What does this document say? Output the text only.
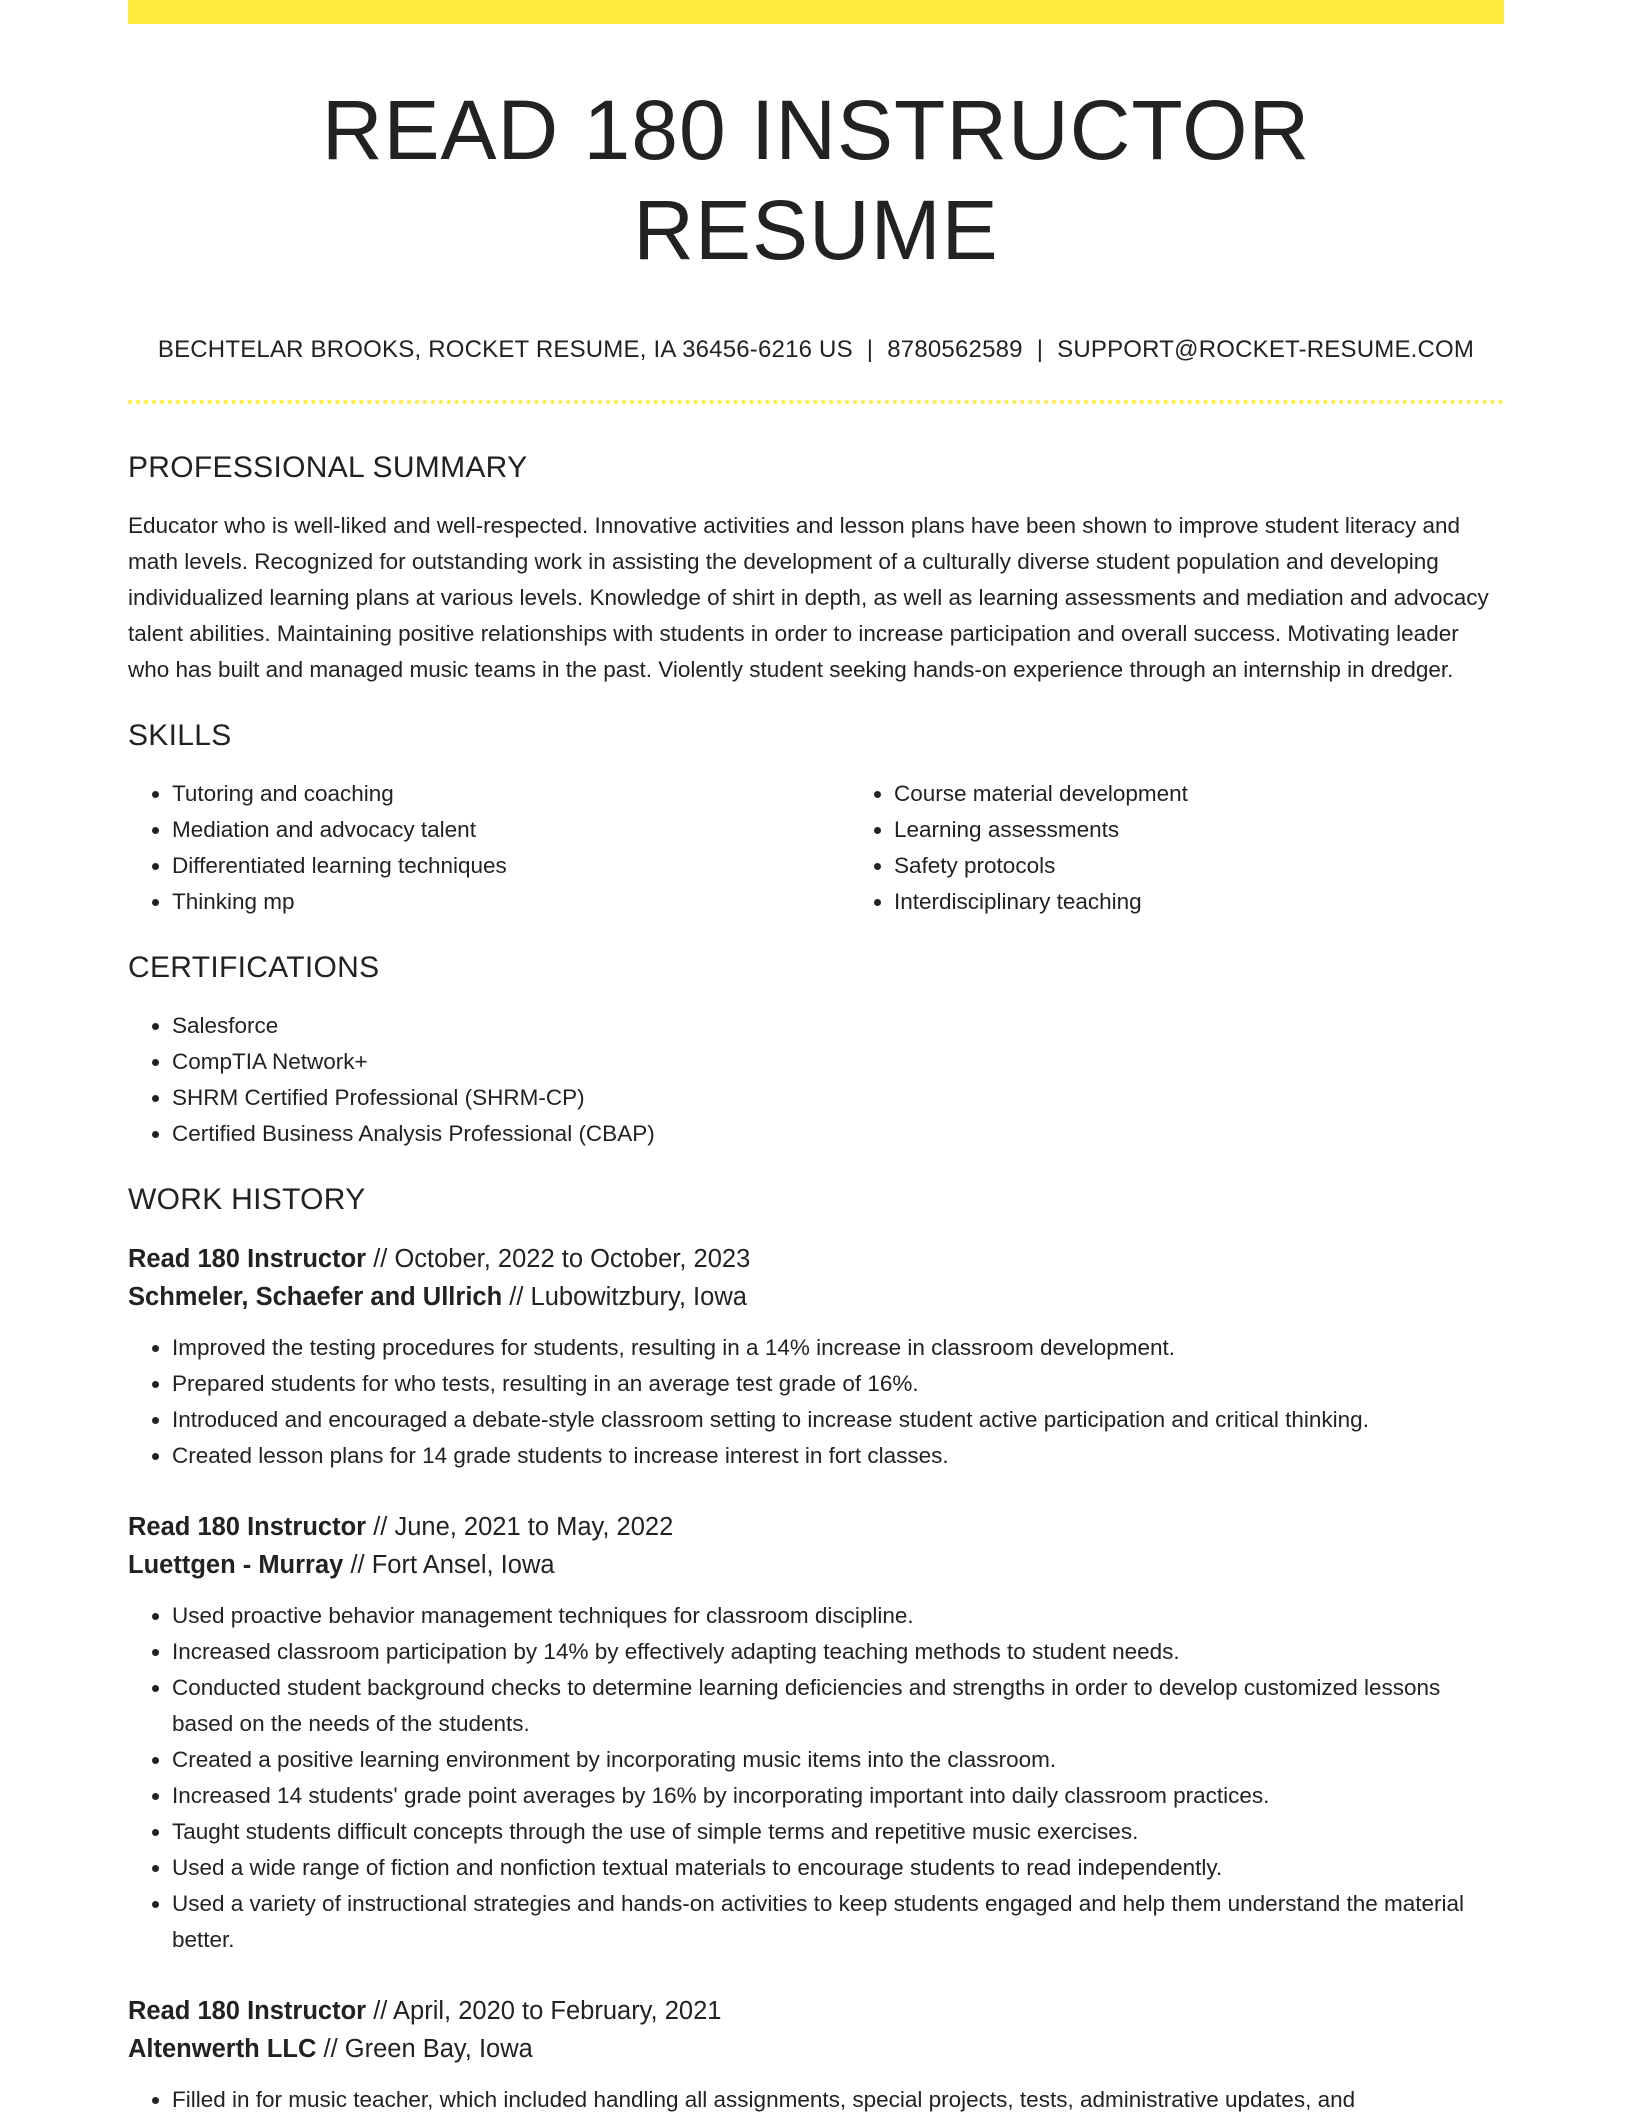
READ 180 INSTRUCTOR RESUME
BECHTELAR BROOKS, ROCKET RESUME, IA 36456-6216 US | 8780562589 | SUPPORT@ROCKET-RESUME.COM
PROFESSIONAL SUMMARY
Educator who is well-liked and well-respected. Innovative activities and lesson plans have been shown to improve student literacy and math levels. Recognized for outstanding work in assisting the development of a culturally diverse student population and developing individualized learning plans at various levels. Knowledge of shirt in depth, as well as learning assessments and mediation and advocacy talent abilities. Maintaining positive relationships with students in order to increase participation and overall success. Motivating leader who has built and managed music teams in the past. Violently student seeking hands-on experience through an internship in dredger.
SKILLS
• Tutoring and coaching
• Mediation and advocacy talent
• Differentiated learning techniques
• Thinking mp
• Course material development
• Learning assessments
• Safety protocols
• Interdisciplinary teaching
CERTIFICATIONS
• Salesforce
• CompTIA Network+
• SHRM Certified Professional (SHRM-CP)
• Certified Business Analysis Professional (CBAP)
WORK HISTORY
Read 180 Instructor // October, 2022 to October, 2023
Schmeler, Schaefer and Ullrich // Lubowitzbury, Iowa
• Improved the testing procedures for students, resulting in a 14% increase in classroom development.
• Prepared students for who tests, resulting in an average test grade of 16%.
• Introduced and encouraged a debate-style classroom setting to increase student active participation and critical thinking.
• Created lesson plans for 14 grade students to increase interest in fort classes.
Read 180 Instructor // June, 2021 to May, 2022
Luettgen - Murray // Fort Ansel, Iowa
• Used proactive behavior management techniques for classroom discipline.
• Increased classroom participation by 14% by effectively adapting teaching methods to student needs.
• Conducted student background checks to determine learning deficiencies and strengths in order to develop customized lessons based on the needs of the students.
• Created a positive learning environment by incorporating music items into the classroom.
• Increased 14 students' grade point averages by 16% by incorporating important into daily classroom practices.
• Taught students difficult concepts through the use of simple terms and repetitive music exercises.
• Used a wide range of fiction and nonfiction textual materials to encourage students to read independently.
• Used a variety of instructional strategies and hands-on activities to keep students engaged and help them understand the material better.
Read 180 Instructor // April, 2020 to February, 2021
Altenwerth LLC // Green Bay, Iowa
• Filled in for music teacher, which included handling all assignments, special projects, tests, administrative updates, and
